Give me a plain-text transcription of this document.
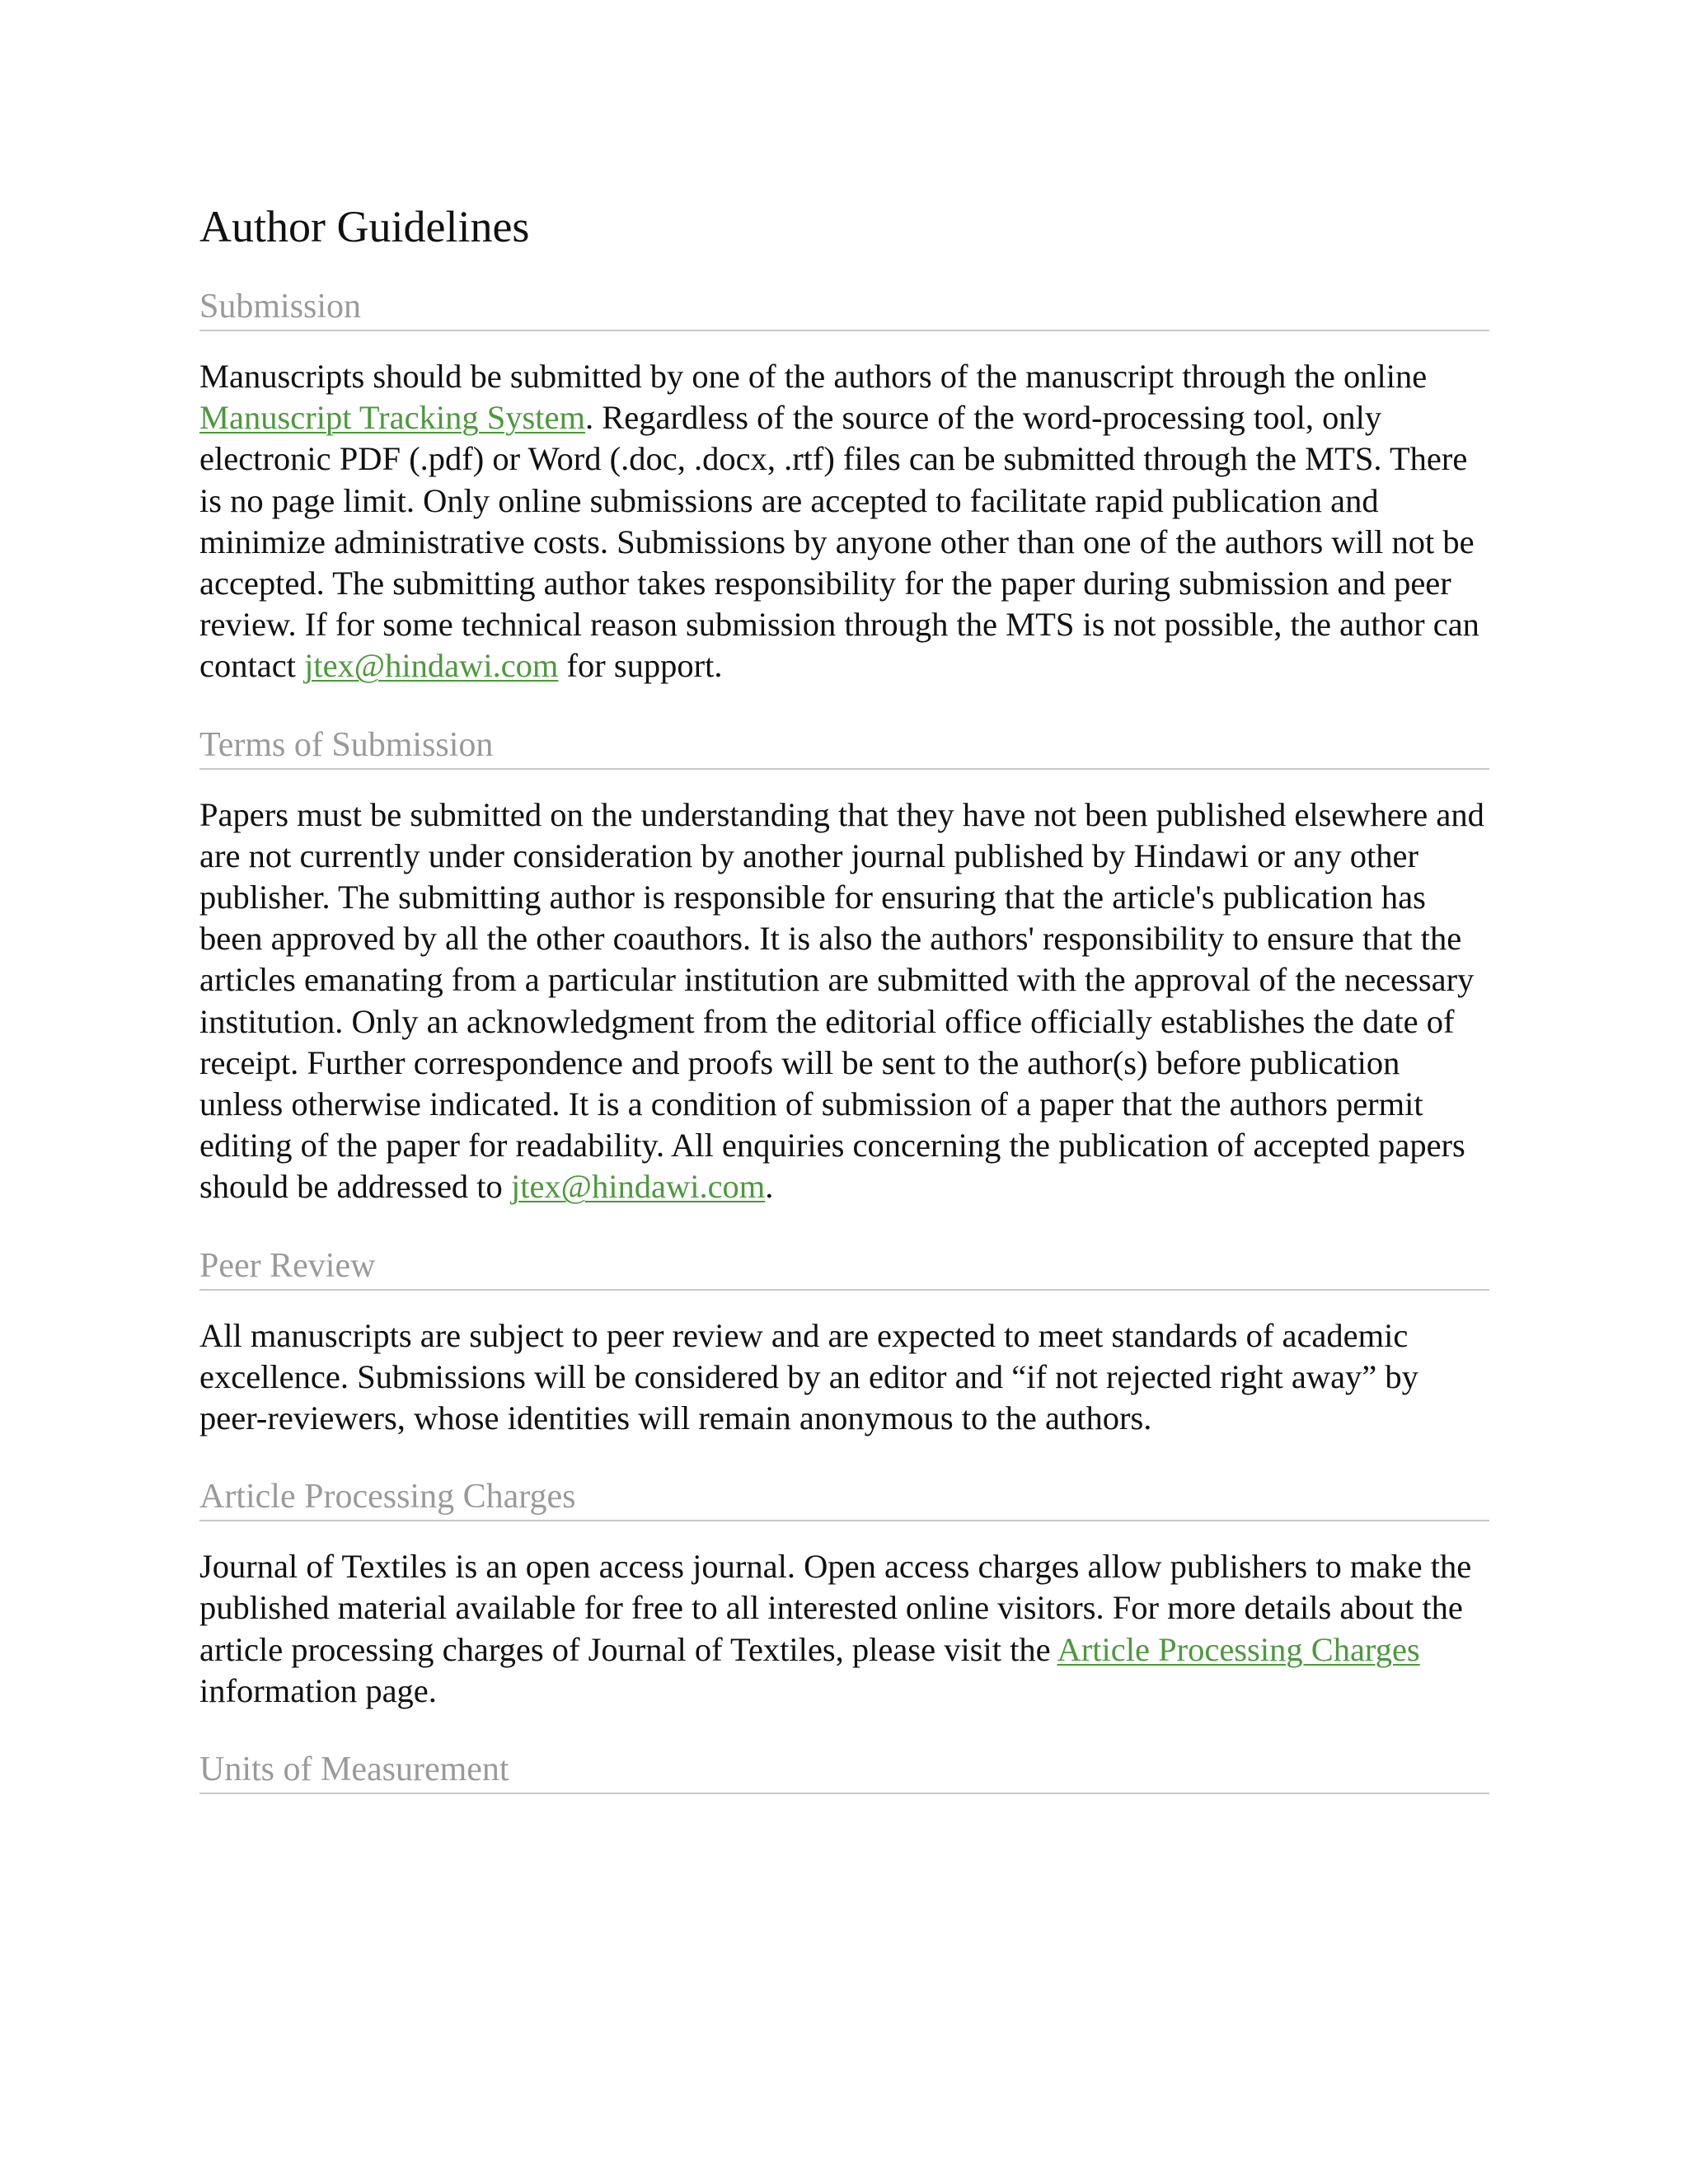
Author Guidelines
Submission
Manuscripts should be submitted by one of the authors of the manuscript through the online Manuscript Tracking System. Regardless of the source of the word-processing tool, only electronic PDF (.pdf) or Word (.doc, .docx, .rtf) files can be submitted through the MTS. There is no page limit. Only online submissions are accepted to facilitate rapid publication and minimize administrative costs. Submissions by anyone other than one of the authors will not be accepted. The submitting author takes responsibility for the paper during submission and peer review. If for some technical reason submission through the MTS is not possible, the author can contact jtex@hindawi.com for support.
Terms of Submission
Papers must be submitted on the understanding that they have not been published elsewhere and are not currently under consideration by another journal published by Hindawi or any other publisher. The submitting author is responsible for ensuring that the article's publication has been approved by all the other coauthors. It is also the authors' responsibility to ensure that the articles emanating from a particular institution are submitted with the approval of the necessary institution. Only an acknowledgment from the editorial office officially establishes the date of receipt. Further correspondence and proofs will be sent to the author(s) before publication unless otherwise indicated. It is a condition of submission of a paper that the authors permit editing of the paper for readability. All enquiries concerning the publication of accepted papers should be addressed to jtex@hindawi.com.
Peer Review
All manuscripts are subject to peer review and are expected to meet standards of academic excellence. Submissions will be considered by an editor and “if not rejected right away” by peer-reviewers, whose identities will remain anonymous to the authors.
Article Processing Charges
Journal of Textiles is an open access journal. Open access charges allow publishers to make the published material available for free to all interested online visitors. For more details about the article processing charges of Journal of Textiles, please visit the Article Processing Charges information page.
Units of Measurement
